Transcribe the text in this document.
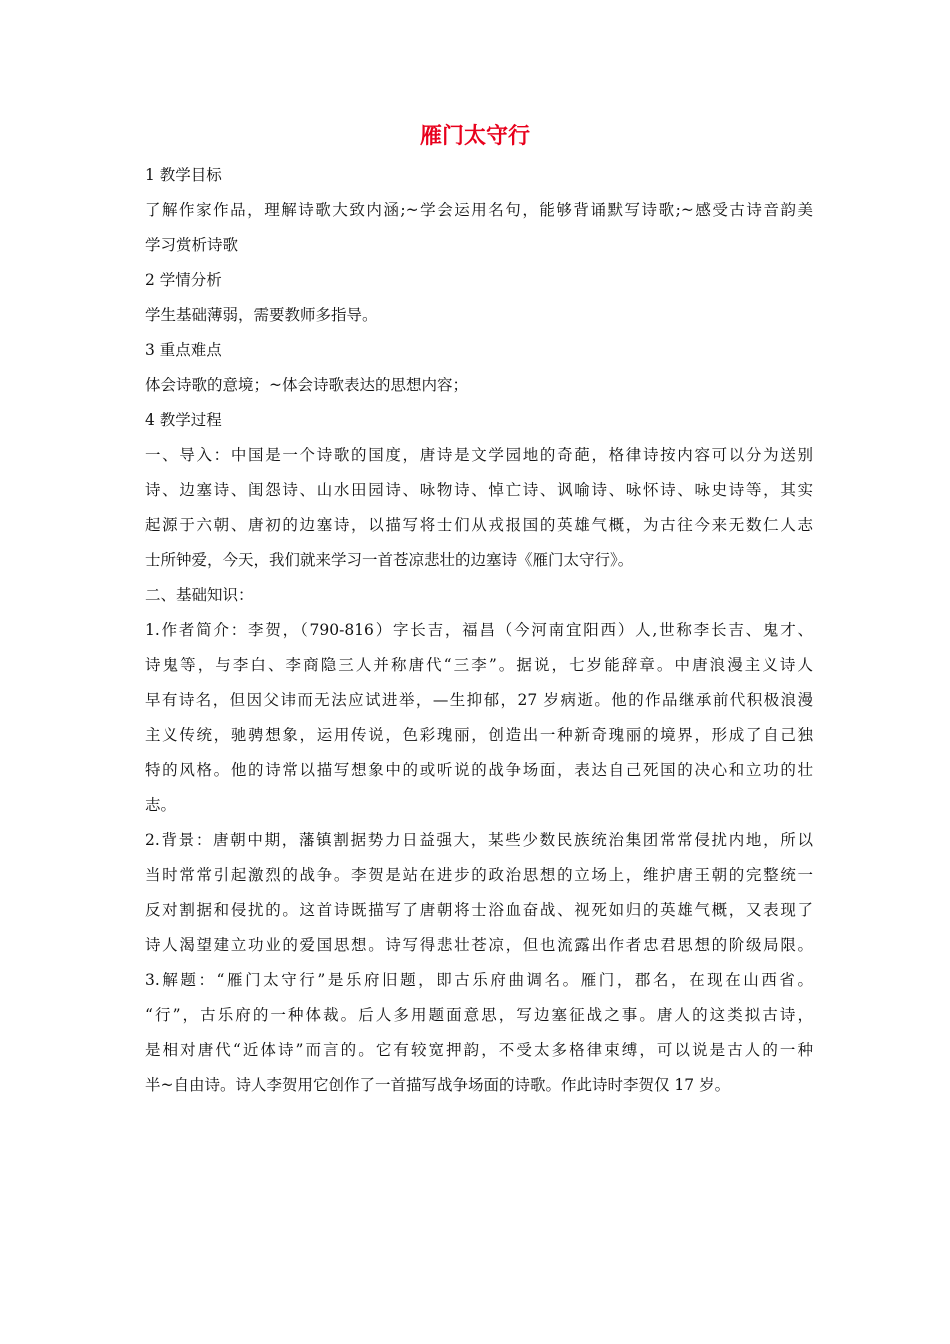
雁门太守行

1 教学目标

了解作家作品，理解诗歌大致内涵;~学会运用名句，能够背诵默写诗歌;~感受古诗音韵美

学习赏析诗歌

2 学情分析

学生基础薄弱，需要教师多指导。

3 重点难点

体会诗歌的意境；~体会诗歌表达的思想内容；

4 教学过程

一、导入：中国是一个诗歌的国度，唐诗是文学园地的奇葩，格律诗按内容可以分为送别

诗、边塞诗、闺怨诗、山水田园诗、咏物诗、悼亡诗、讽喻诗、咏怀诗、咏史诗等，其实

起源于六朝、唐初的边塞诗，以描写将士们从戎报国的英雄气概，为古往今来无数仁人志

士所钟爱，今天，我们就来学习一首苍凉悲壮的边塞诗《雁门太守行》。

二、基础知识：

1.作者简介：李贺，（790-816）字长吉，福昌（今河南宜阳西）人,世称李长吉、鬼才、

诗鬼等，与李白、李商隐三人并称唐代“三李”。据说，七岁能辞章。中唐浪漫主义诗人

早有诗名，但因父讳而无法应试进举，—生抑郁，27 岁病逝。他的作品继承前代积极浪漫

主义传统，驰骋想象，运用传说，色彩瑰丽，创造出一种新奇瑰丽的境界，形成了自己独

特的风格。他的诗常以描写想象中的或听说的战争场面，表达自己死国的决心和立功的壮

志。

2.背景：唐朝中期，藩镇割据势力日益强大，某些少数民族统治集团常常侵扰内地，所以

当时常常引起激烈的战争。李贺是站在进步的政治思想的立场上，维护唐王朝的完整统一

反对割据和侵扰的。这首诗既描写了唐朝将士浴血奋战、视死如归的英雄气概，又表现了

诗人渴望建立功业的爱国思想。诗写得悲壮苍凉，但也流露出作者忠君思想的阶级局限。

3.解题：“雁门太守行”是乐府旧题，即古乐府曲调名。雁门，郡名，在现在山西省。

“行”，古乐府的一种体裁。后人多用题面意思，写边塞征战之事。唐人的这类拟古诗，

是相对唐代“近体诗”而言的。它有较宽押韵，不受太多格律束缚，可以说是古人的一种

半~自由诗。诗人李贺用它创作了一首描写战争场面的诗歌。作此诗时李贺仅 17 岁。
